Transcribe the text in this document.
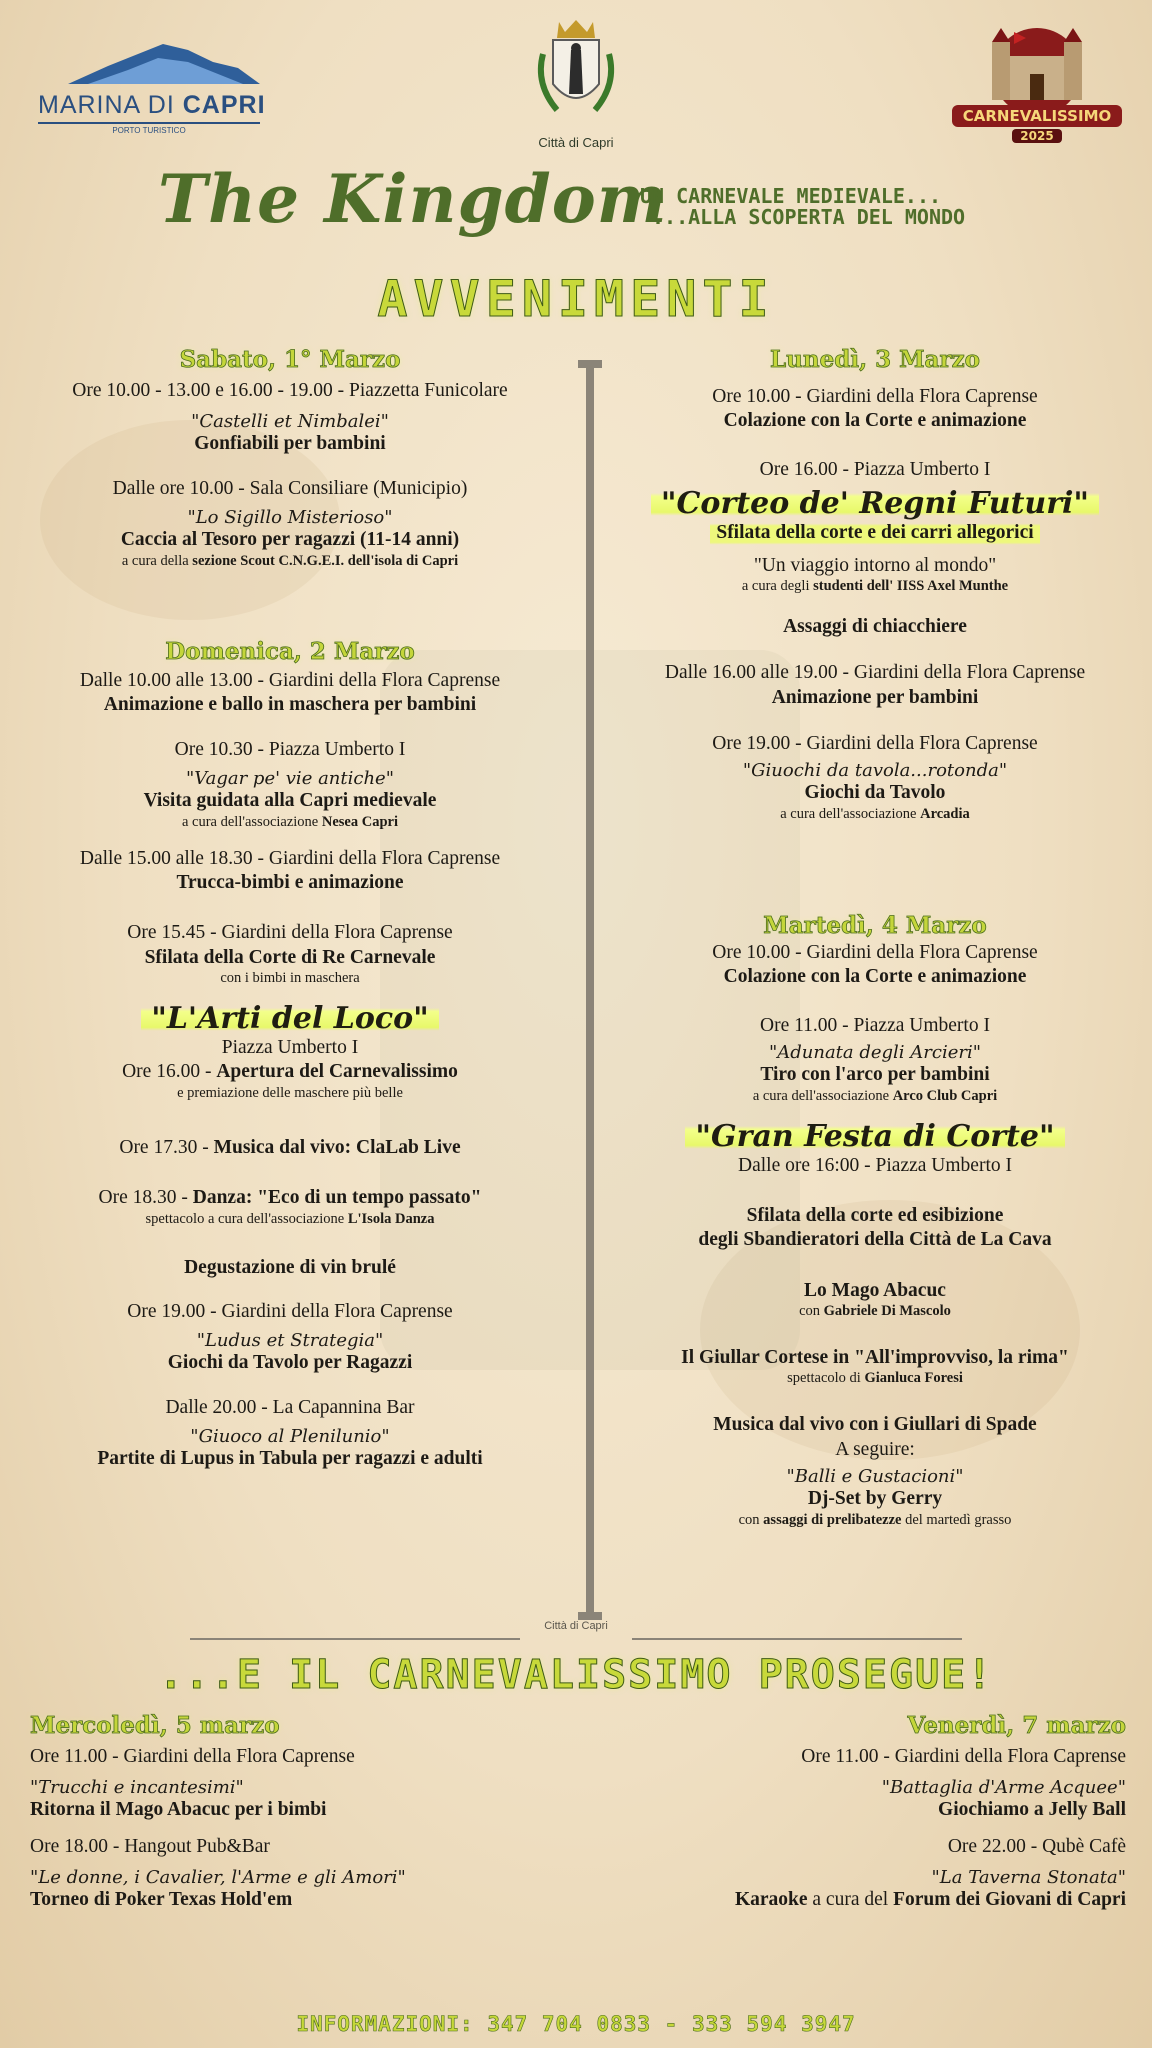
MARINA DI CAPRI
PORTO TURISTICO
Città di Capri
CARNEVALISSIMO
2025
The Kingdom
UN CARNEVALE MEDIEVALE...
...ALLA SCOPERTA DEL MONDO
AVVENIMENTI
Sabato, 1° Marzo
Ore 10.00 - 13.00 e 16.00 - 19.00 - Piazzetta Funicolare
"Castelli et Nimbalei"
Gonfiabili per bambini
Dalle ore 10.00 - Sala Consiliare (Municipio)
"Lo Sigillo Misterioso"
Caccia al Tesoro per ragazzi (11-14 anni)
a cura della sezione Scout C.N.G.E.I. dell'isola di Capri
Domenica, 2 Marzo
Dalle 10.00 alle 13.00 - Giardini della Flora Caprense
Animazione e ballo in maschera per bambini
Ore 10.30 - Piazza Umberto I
"Vagar pe' vie antiche"
Visita guidata alla Capri medievale
a cura dell'associazione Nesea Capri
Dalle 15.00 alle 18.30 - Giardini della Flora Caprense
Trucca-bimbi e animazione
Ore 15.45 - Giardini della Flora Caprense
Sfilata della Corte di Re Carnevale
con i bimbi in maschera
"L'Arti del Loco"
Piazza Umberto I
Ore 16.00 - Apertura del Carnevalissimo
e premiazione delle maschere più belle
Ore 17.30 - Musica dal vivo: ClaLab Live
Ore 18.30 - Danza: "Eco di un tempo passato"
spettacolo a cura dell'associazione L'Isola Danza
Degustazione di vin brulé
Ore 19.00 - Giardini della Flora Caprense
"Ludus et Strategia"
Giochi da Tavolo per Ragazzi
Dalle 20.00 - La Capannina Bar
"Giuoco al Plenilunio"
Partite di Lupus in Tabula per ragazzi e adulti
Lunedì, 3 Marzo
Ore 10.00 - Giardini della Flora Caprense
Colazione con la Corte e animazione
Ore 16.00 - Piazza Umberto I
"Corteo de' Regni Futuri"
Sfilata della corte e dei carri allegorici
"Un viaggio intorno al mondo"
a cura degli studenti dell' IISS Axel Munthe
Assaggi di chiacchiere
Dalle 16.00 alle 19.00 - Giardini della Flora Caprense
Animazione per bambini
Ore 19.00 - Giardini della Flora Caprense
"Giuochi da tavola...rotonda"
Giochi da Tavolo
a cura dell'associazione Arcadia
Martedì, 4 Marzo
Ore 10.00 - Giardini della Flora Caprense
Colazione con la Corte e animazione
Ore 11.00 - Piazza Umberto I
"Adunata degli Arcieri"
Tiro con l'arco per bambini
a cura dell'associazione Arco Club Capri
"Gran Festa di Corte"
Dalle ore 16:00 - Piazza Umberto I
Sfilata della corte ed esibizione
degli Sbandieratori della Città de La Cava
Lo Mago Abacuc
con Gabriele Di Mascolo
Il Giullar Cortese in "All'improvviso, la rima"
spettacolo di Gianluca Foresi
Musica dal vivo con i Giullari di Spade
A seguire:
"Balli e Gustacioni"
Dj-Set by Gerry
con assaggi di prelibatezze del martedì grasso
Città di Capri
...E IL CARNEVALISSIMO PROSEGUE!
Mercoledì, 5 marzo
Ore 11.00 - Giardini della Flora Caprense
"Trucchi e incantesimi"
Ritorna il Mago Abacuc per i bimbi
Ore 18.00 - Hangout Pub&Bar
"Le donne, i Cavalier, l'Arme e gli Amori"
Torneo di Poker Texas Hold'em
Venerdì, 7 marzo
Ore 11.00 - Giardini della Flora Caprense
"Battaglia d'Arme Acquee"
Giochiamo a Jelly Ball
Ore 22.00 - Qubè Cafè
"La Taverna Stonata"
Karaoke a cura del Forum dei Giovani di Capri
INFORMAZIONI: 347 704 0833 - 333 594 3947
